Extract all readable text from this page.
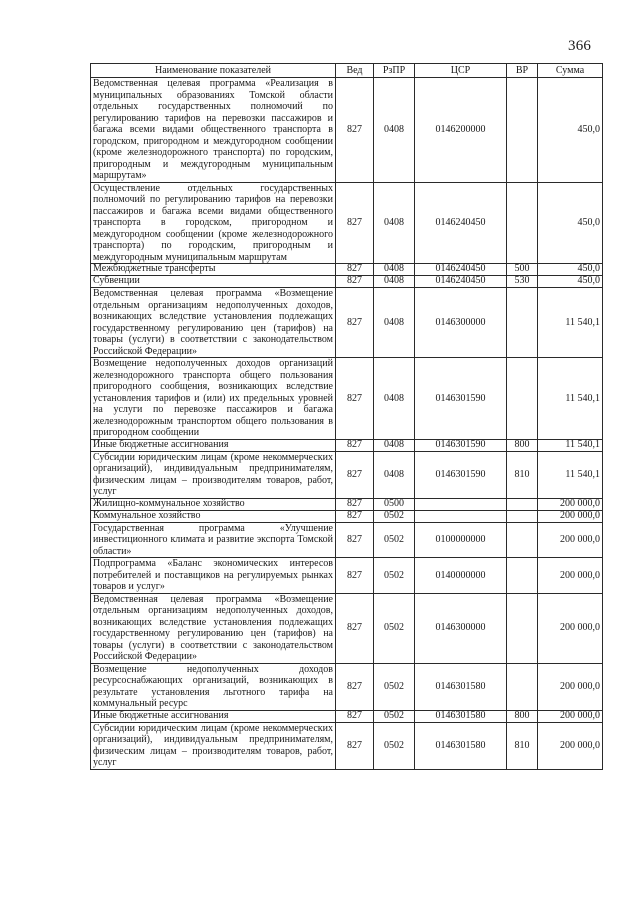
366
Наименование показателей	Вед	РзПР	ЦСР	ВР	Сумма
Ведомственная целевая программа «Реализация в муниципальных образованиях Томской области отдельных государственных полномочий по регулированию тарифов на перевозки пассажиров и багажа всеми видами общественного транспорта в городском, пригородном и междугородном сообщении (кроме железнодорожного транспорта) по городским, пригородным и междугородным муниципальным маршрутам»	827	0408	0146200000		450,0
Осуществление отдельных государственных полномочий по регулированию тарифов на перевозки пассажиров и багажа всеми видами общественного транспорта в городском, пригородном и междугородном сообщении (кроме железнодорожного транспорта) по городским, пригородным и междугородным муниципальным маршрутам	827	0408	0146240450		450,0
Межбюджетные трансферты	827	0408	0146240450	500	450,0
Субвенции	827	0408	0146240450	530	450,0
Ведомственная целевая программа «Возмещение отдельным организациям недополученных доходов, возникающих вследствие установления подлежащих государственному регулированию цен (тарифов) на товары (услуги) в соответствии с законодательством Российской Федерации»	827	0408	0146300000		11 540,1
Возмещение недополученных доходов организаций железнодорожного транспорта общего пользования пригородного сообщения, возникающих вследствие установления тарифов и (или) их предельных уровней на услуги по перевозке пассажиров и багажа железнодорожным транспортом общего пользования в пригородном сообщении	827	0408	0146301590		11 540,1
Иные бюджетные ассигнования	827	0408	0146301590	800	11 540,1
Субсидии юридическим лицам (кроме некоммерческих организаций), индивидуальным предпринимателям, физическим лицам – производителям товаров, работ, услуг	827	0408	0146301590	810	11 540,1
Жилищно-коммунальное хозяйство	827	0500			200 000,0
Коммунальное хозяйство	827	0502			200 000,0
Государственная программа «Улучшение инвестиционного климата и развитие экспорта Томской области»	827	0502	0100000000		200 000,0
Подпрограмма «Баланс экономических интересов потребителей и поставщиков на регулируемых рынках товаров и услуг»	827	0502	0140000000		200 000,0
Ведомственная целевая программа «Возмещение отдельным организациям недополученных доходов, возникающих вследствие установления подлежащих государственному регулированию цен (тарифов) на товары (услуги) в соответствии с законодательством Российской Федерации»	827	0502	0146300000		200 000,0
Возмещение недополученных доходов ресурсоснабжающих организаций, возникающих в результате установления льготного тарифа на коммунальный ресурс	827	0502	0146301580		200 000,0
Иные бюджетные ассигнования	827	0502	0146301580	800	200 000,0
Субсидии юридическим лицам (кроме некоммерческих организаций), индивидуальным предпринимателям, физическим лицам – производителям товаров, работ, услуг	827	0502	0146301580	810	200 000,0
